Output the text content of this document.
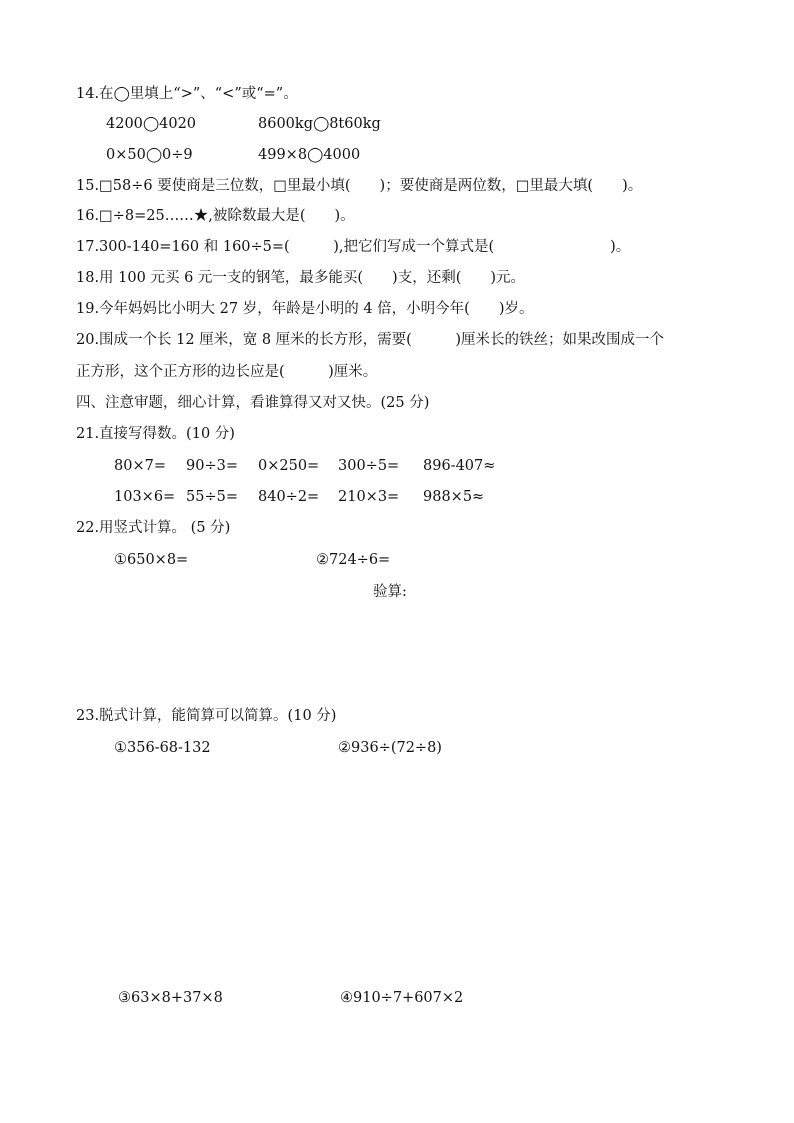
14.在◯里填上“>”、“<”或“=”。
4200◯4020	8600kg◯8t60kg
0×50◯0÷9	499×8◯4000
15.□58÷6 要使商是三位数，□里最小填(　　)；要使商是两位数，□里最大填(　　)。
16.□÷8=25……★,被除数最大是(　　)。
17.300-140=160 和 160÷5=(　　　),把它们写成一个算式是(　　　　　　　　)。
18.用 100 元买 6 元一支的钢笔，最多能买(　　)支，还剩(　　)元。
19.今年妈妈比小明大 27 岁，年龄是小明的 4 倍，小明今年(　　)岁。
20.围成一个长 12 厘米，宽 8 厘米的长方形，需要(　　　)厘米长的铁丝；如果改围成一个
正方形，这个正方形的边长应是(　　　)厘米。
四、注意审题，细心计算，看谁算得又对又快。(25 分)
21.直接写得数。(10 分)
80×7= 90÷3= 0×250= 300÷5= 896-407≈
103×6= 55÷5= 840÷2= 210×3= 988×5≈
22.用竖式计算。 (5 分)
①650×8=	②724÷6=
验算:
23.脱式计算，能简算可以简算。(10 分)
①356-68-132	②936÷(72÷8)
③63×8+37×8	④910÷7+607×2
